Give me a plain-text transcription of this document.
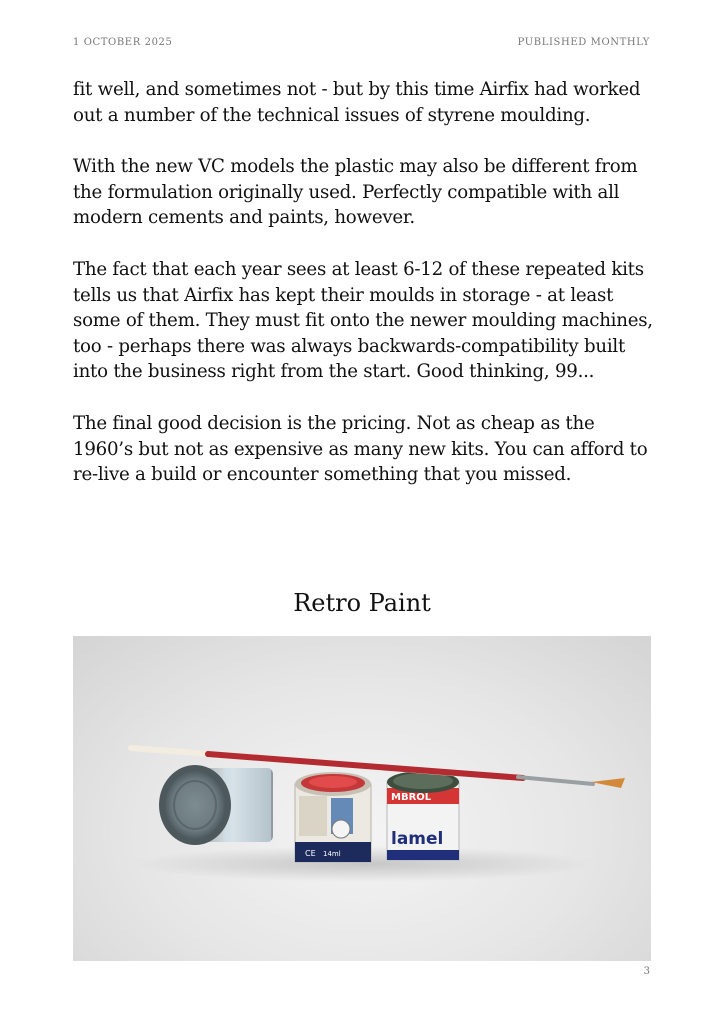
1 OCTOBER 2025	PUBLISHED MONTHLY

fit well, and sometimes not - but by this time Airfix had worked out a number of the technical issues of styrene moulding.

With the new VC models the plastic may also be different from the formulation originally used. Perfectly compatible with all modern cements and paints, however.

The fact that each year sees at least 6-12 of these repeated kits tells us that Airfix has kept their moulds in storage - at least some of them. They must fit onto the newer moulding machines, too - perhaps there was always backwards-compatibility built into the business right from the start. Good thinking, 99...

The final good decision is the pricing. Not as cheap as the 1960’s but not as expensive as many new kits. You can afford to re-live a build or encounter something that you missed.

Retro Paint
CE 14ml
MBROL
lamel
3
